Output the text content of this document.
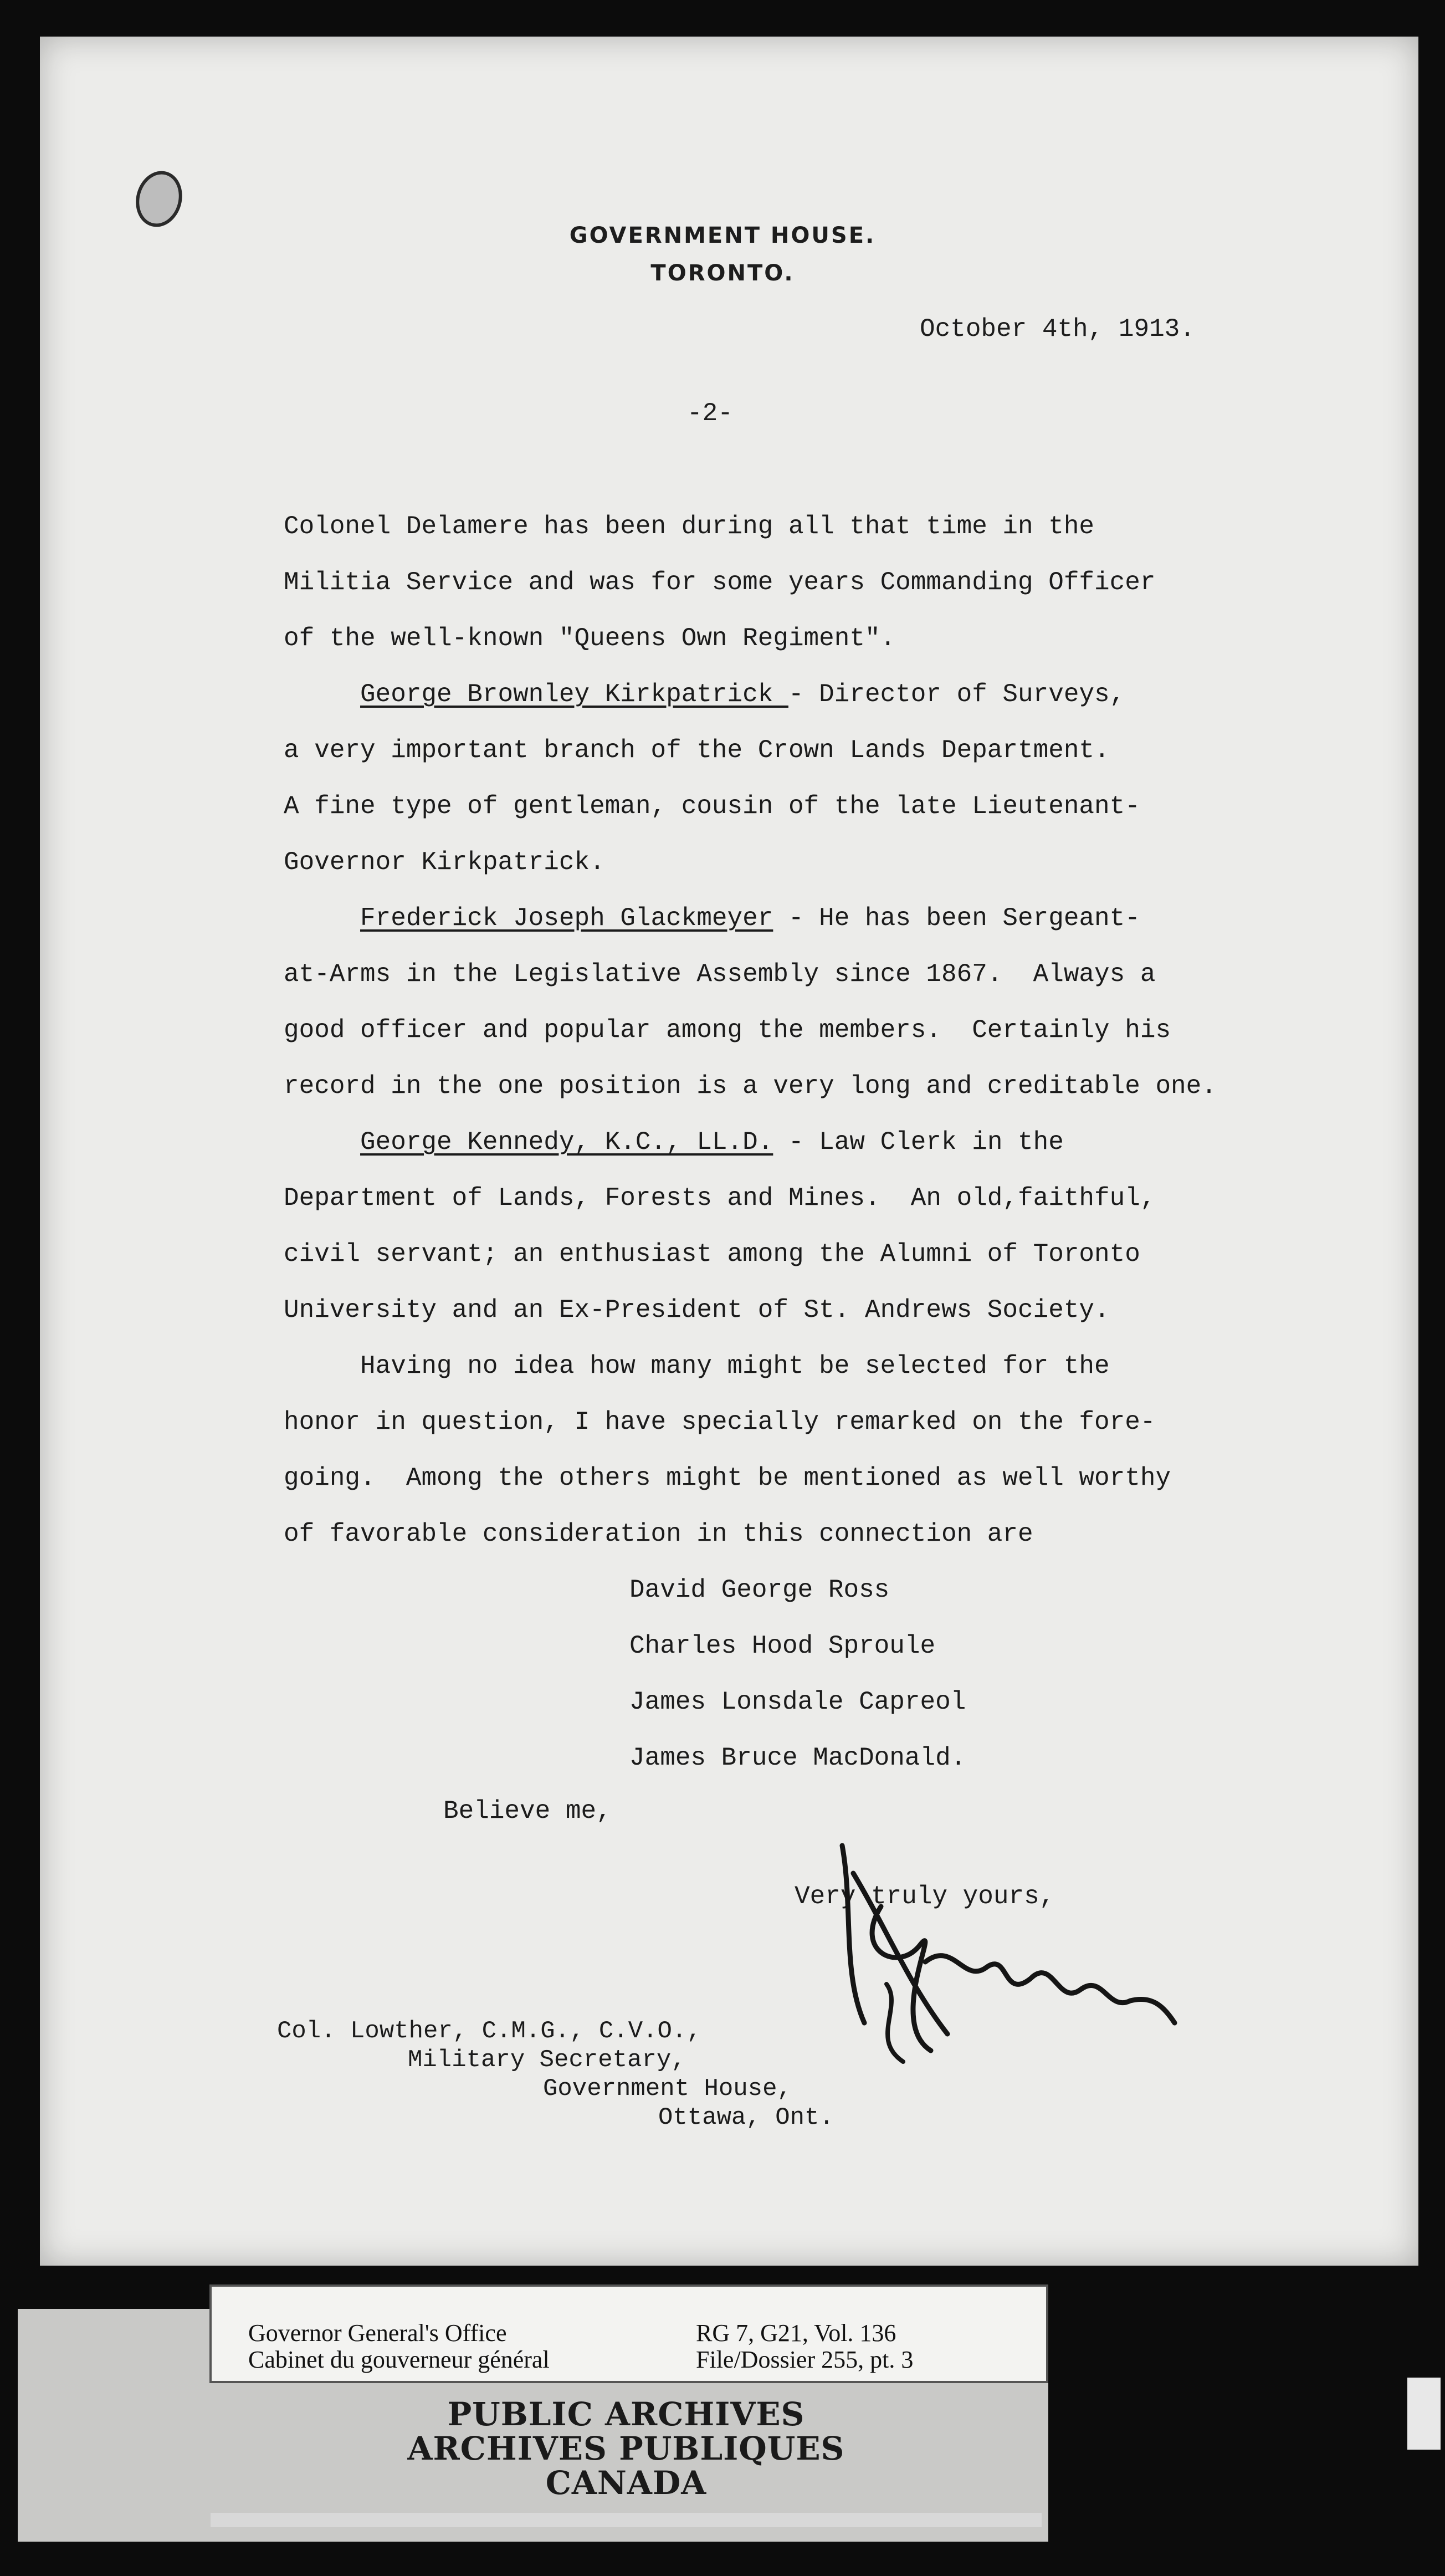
GOVERNMENT HOUSE.
TORONTO.
October 4th, 1913.
-2-
Colonel Delamere has been during all that time in the
Militia Service and was for some years Commanding Officer
of the well-known "Queens Own Regiment".
George Brownley Kirkpatrick - Director of Surveys,
a very important branch of the Crown Lands Department.
A fine type of gentleman, cousin of the late Lieutenant-
Governor Kirkpatrick.
Frederick Joseph Glackmeyer - He has been Sergeant-
at-Arms in the Legislative Assembly since 1867.  Always a
good officer and popular among the members.  Certainly his
record in the one position is a very long and creditable one.
George Kennedy, K.C., LL.D. - Law Clerk in the
Department of Lands, Forests and Mines.  An old,faithful,
civil servant; an enthusiast among the Alumni of Toronto
University and an Ex-President of St. Andrews Society.
Having no idea how many might be selected for the
honor in question, I have specially remarked on the fore-
going.  Among the others might be mentioned as well worthy
of favorable consideration in this connection are
David George Ross
Charles Hood Sproule
James Lonsdale Capreol
James Bruce MacDonald.
Believe me,
Very truly yours,
Col. Lowther, C.M.G., C.V.O.,
Military Secretary,
Government House,
Ottawa, Ont.
Governor General's Office
Cabinet du gouverneur général
RG 7, G21, Vol. 136
File/Dossier 255, pt. 3
PUBLIC ARCHIVES
ARCHIVES PUBLIQUES
CANADA
